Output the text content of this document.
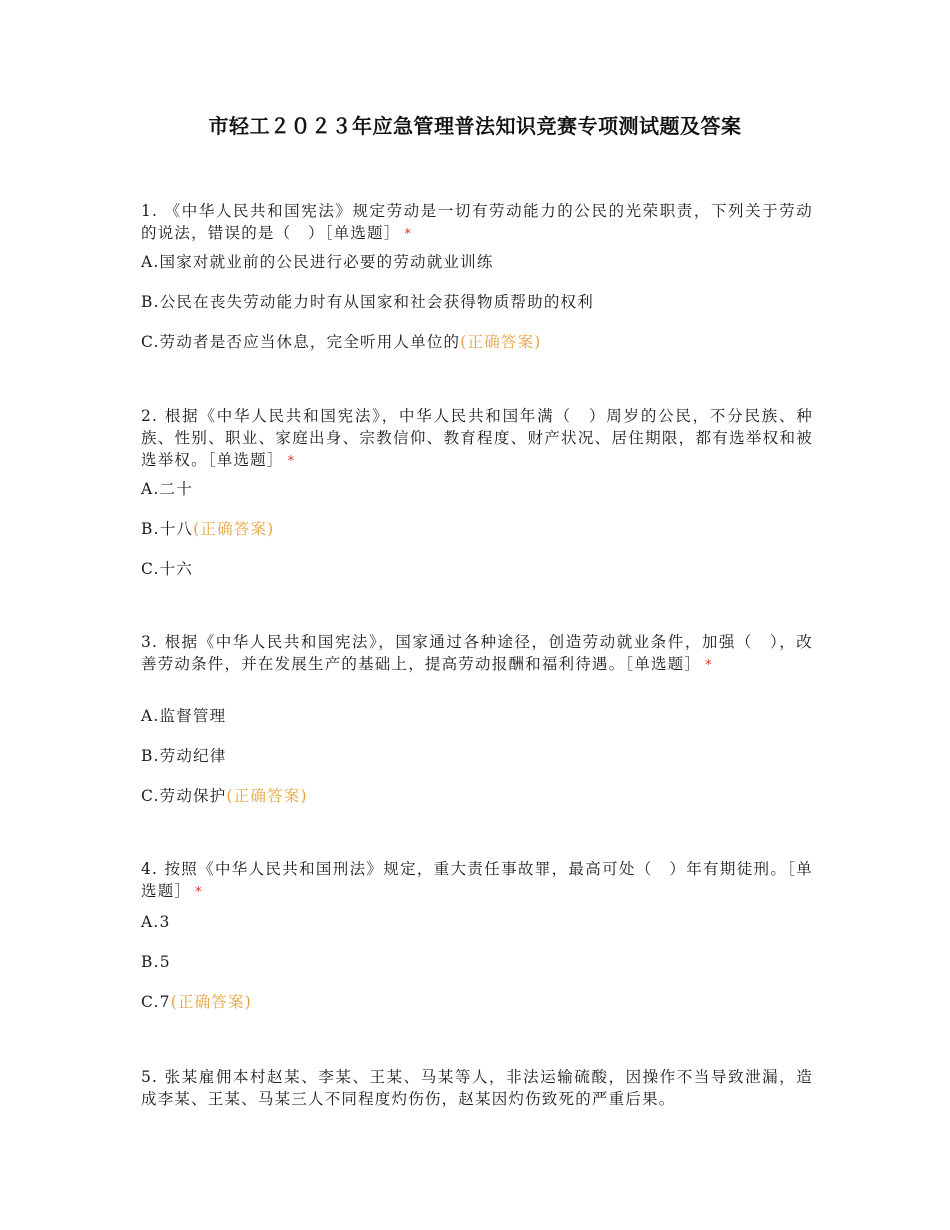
市轻工２０２３年应急管理普法知识竞赛专项测试题及答案

1. 《中华人民共和国宪法》规定劳动是一切有劳动能力的公民的光荣职责，下列关于劳动的说法，错误的是（　）［单选题］ *

A.国家对就业前的公民进行必要的劳动就业训练

B.公民在丧失劳动能力时有从国家和社会获得物质帮助的权利

C.劳动者是否应当休息，完全听用人单位的(正确答案)

2. 根据《中华人民共和国宪法》，中华人民共和国年满（　）周岁的公民，不分民族、种族、性别、职业、家庭出身、宗教信仰、教育程度、财产状况、居住期限，都有选举权和被选举权。［单选题］ *

A.二十

B.十八(正确答案)

C.十六

3. 根据《中华人民共和国宪法》，国家通过各种途径，创造劳动就业条件，加强（　），改善劳动条件，并在发展生产的基础上，提高劳动报酬和福利待遇。［单选题］ *

A.监督管理

B.劳动纪律

C.劳动保护(正确答案)

4. 按照《中华人民共和国刑法》规定，重大责任事故罪，最高可处（　）年有期徒刑。［单选题］ *

A.3

B.5

C.7(正确答案)

5. 张某雇佣本村赵某、李某、王某、马某等人，非法运输硫酸，因操作不当导致泄漏，造成李某、王某、马某三人不同程度灼伤伤，赵某因灼伤致死的严重后果。
